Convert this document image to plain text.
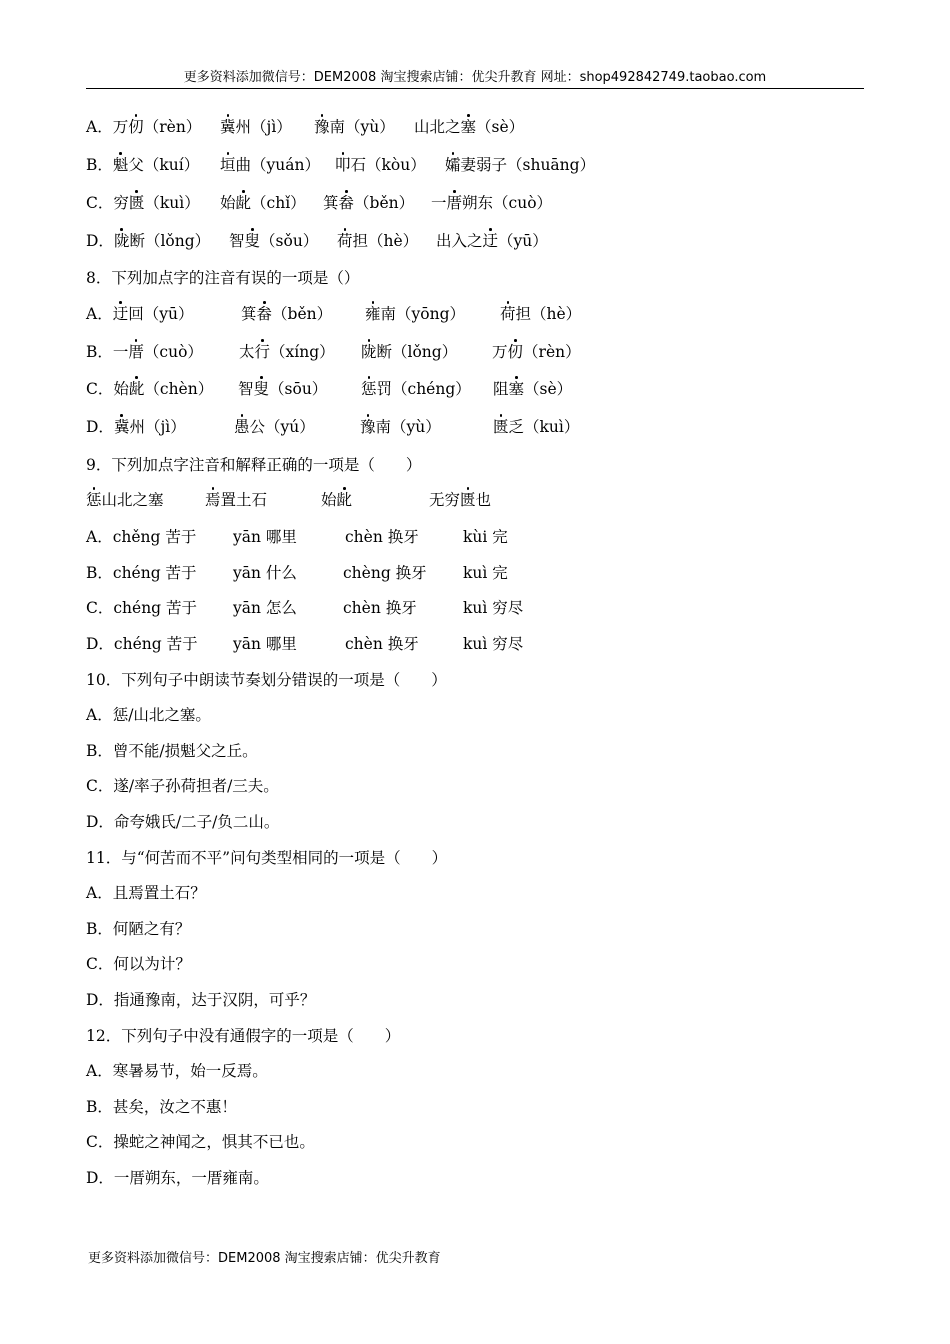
更多资料添加微信号：DEM2008 淘宝搜索店铺：优尖升教育 网址：shop492842749.taobao.com
A．万仞（rèn） 冀州（jì） 豫南（yù） 山北之塞（sè）
B．魁父（kuí） 垣曲（yuán） 叩石（kòu） 孀妻弱子（shuāng）
C．穷匮（kuì） 始龀（chǐ） 箕畚（běn） 一厝朔东（cuò）
D．陇断（lǒng） 智叟（sǒu） 荷担（hè） 出入之迂（yū）
8．下列加点字的注音有误的一项是（）
A．迂回（yū）	箕畚（běn） 雍南（yōng） 荷担（hè）
B．一厝（cuò） 太行（xíng） 陇断（lǒng） 万仞（rèn）
C．始龀（chèn） 智叟（sōu） 惩罚（chéng） 阻塞（sè）
D．冀州（jì）	愚公（yú）	豫南（yù）	匮乏（kuì）
9．下列加点字注音和解释正确的一项是（　　）
惩山北之塞	焉置土石	始龀	无穷匮也
A．chěng 苦于 yān 哪里	chèn 换牙	kùi 完
B．chéng 苦于 yān 什么	chèng 换牙 kuì 完
C．chéng 苦于 yān 怎么	chèn 换牙	kuì 穷尽
D．chéng 苦于 yān 哪里	chèn 换牙	kuì 穷尽
10．下列句子中朗读节奏划分错误的一项是（　　）
A．惩/山北之塞。
B．曾不能/损魁父之丘。
C．遂/率子孙荷担者/三夫。
D．命夸娥氏/二子/负二山。
11．与“何苦而不平”问句类型相同的一项是（　　）
A．且焉置土石？
B．何陋之有？
C．何以为计？
D．指通豫南，达于汉阴，可乎？
12．下列句子中没有通假字的一项是（　　）
A．寒暑易节，始一反焉。
B．甚矣，汝之不惠！
C．操蛇之神闻之，惧其不已也。
D．一厝朔东，一厝雍南。
更多资料添加微信号：DEM2008 淘宝搜索店铺：优尖升教育
